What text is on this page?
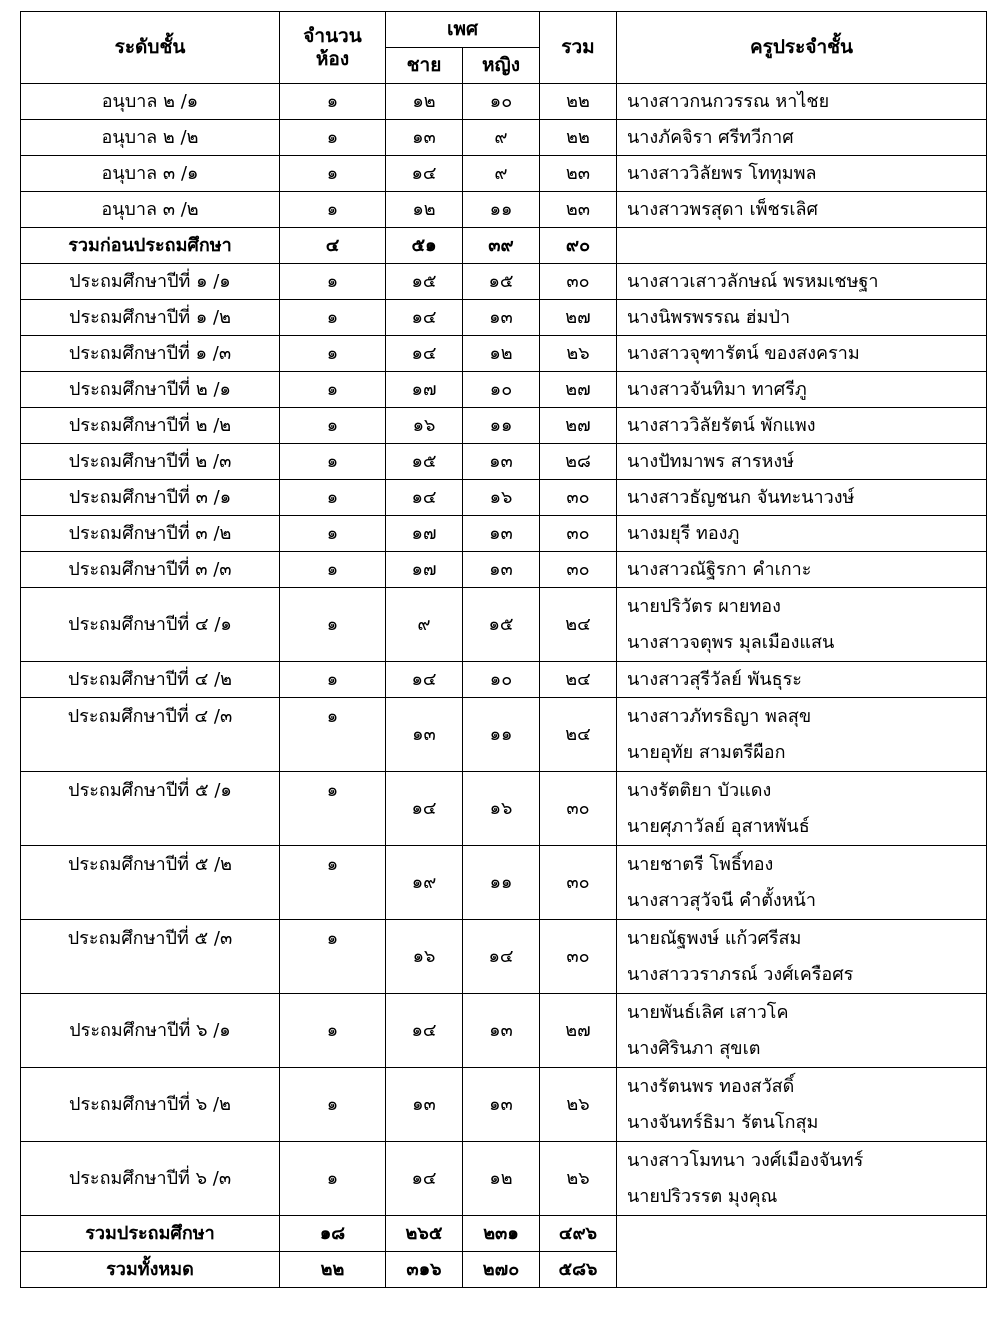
ระดับชั้น	จำนวน
ห้อง	เพศ		รวม	ครูประจำชั้น
		ชาย	หญิง		
อนุบาล ๒ /๑	๑	๑๒	๑๐	๒๒	นางสาวกนกวรรณ หาไชย
อนุบาล ๒ /๒	๑	๑๓	๙	๒๒	นางภัคจิรา ศรีทวีกาศ
อนุบาล ๓ /๑	๑	๑๔	๙	๒๓	นางสาววิลัยพร โททุมพล
อนุบาล ๓ /๒	๑	๑๒	๑๑	๒๓	นางสาวพรสุดา เพ็ชรเลิศ
รวมก่อนประถมศึกษา	๔	๕๑	๓๙	๙๐	
ประถมศึกษาปีที่ ๑ /๑	๑	๑๕	๑๕	๓๐	นางสาวเสาวลักษณ์ พรหมเชษฐา
ประถมศึกษาปีที่ ๑ /๒	๑	๑๔	๑๓	๒๗	นางนิพรพรรณ ฮ่มป่า
ประถมศึกษาปีที่ ๑ /๓	๑	๑๔	๑๒	๒๖	นางสาวจุฑารัตน์ ของสงคราม
ประถมศึกษาปีที่ ๒ /๑	๑	๑๗	๑๐	๒๗	นางสาวจันทิมา ทาศรีภู
ประถมศึกษาปีที่ ๒ /๒	๑	๑๖	๑๑	๒๗	นางสาววิลัยรัตน์ พักแพง
ประถมศึกษาปีที่ ๒ /๓	๑	๑๕	๑๓	๒๘	นางปัทมาพร สารหงษ์
ประถมศึกษาปีที่ ๓ /๑	๑	๑๔	๑๖	๓๐	นางสาวธัญชนก จันทะนาวงษ์
ประถมศึกษาปีที่ ๓ /๒	๑	๑๗	๑๓	๓๐	นางมยุรี ทองภู
ประถมศึกษาปีที่ ๓ /๓	๑	๑๗	๑๓	๓๐	นางสาวณัฐิรกา คำเกาะ
ประถมศึกษาปีที่ ๔ /๑	๑	๙	๑๕	๒๔	นายปริวัตร ผายทอง
นางสาวจตุพร มุลเมืองแสน

ประถมศึกษาปีที่ ๔ /๒	๑	๑๔	๑๐	๒๔	นางสาวสุรีวัลย์ พันธุระ
ประถมศึกษาปีที่ ๔ /๓	๑	๑๓	๑๑	๒๔	นางสาวภัทรธิญา พลสุข
นายอุทัย สามตรีผือก

ประถมศึกษาปีที่ ๕ /๑	๑	๑๔	๑๖	๓๐	นางรัตติยา บัวแดง
นายศุภาวัลย์ อุสาหพันธ์

ประถมศึกษาปีที่ ๕ /๒	๑	๑๙	๑๑	๓๐	นายชาตรี โพธิ์ทอง
นางสาวสุวัจนี คำตั้งหน้า

ประถมศึกษาปีที่ ๕ /๓	๑	๑๖	๑๔	๓๐	นายณัฐพงษ์ แก้วศรีสม
นางสาววราภรณ์ วงศ์เครือศร

ประถมศึกษาปีที่ ๖ /๑	๑	๑๔	๑๓	๒๗	นายพันธ์เลิศ เสาวโค
นางศิรินภา สุขเต

ประถมศึกษาปีที่ ๖ /๒	๑	๑๓	๑๓	๒๖	นางรัตนพร ทองสวัสดิ์
นางจันทร์ธิมา รัตนโกสุม

ประถมศึกษาปีที่ ๖ /๓	๑	๑๔	๑๒	๒๖	นางสาวโมทนา วงศ์เมืองจันทร์
นายปริวรรต มุงคุณ

รวมประถมศึกษา	๑๘	๒๖๕	๒๓๑	๔๙๖	
รวมทั้งหมด	๒๒	๓๑๖	๒๗๐	๕๘๖	
